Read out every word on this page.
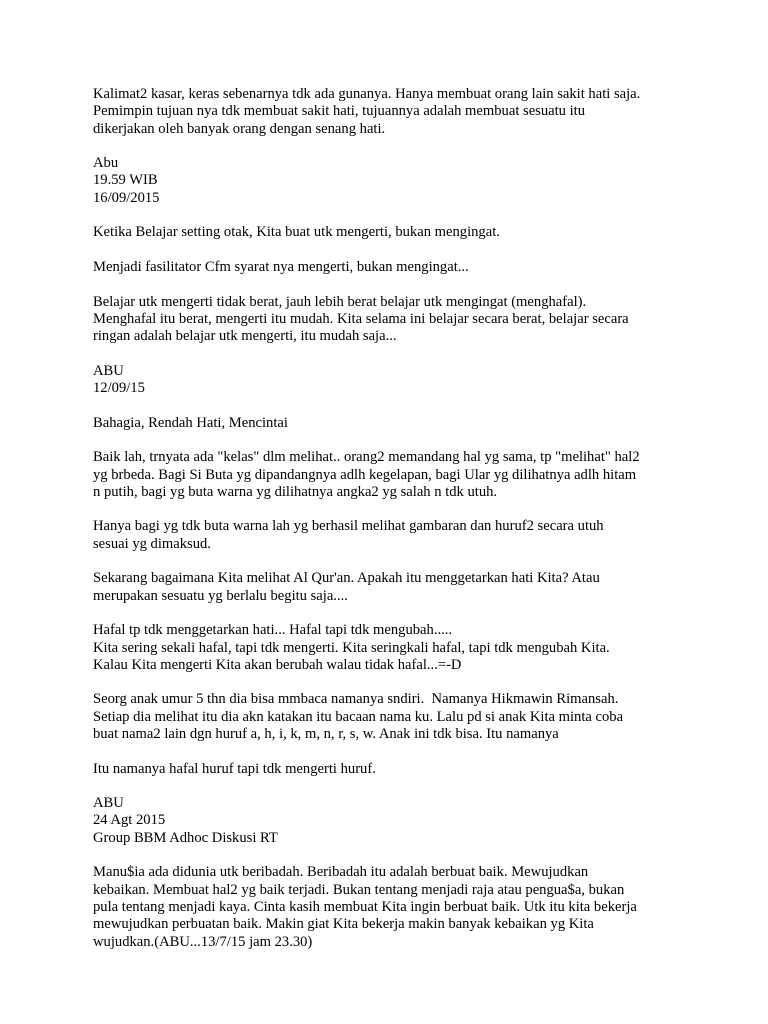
Kalimat2 kasar, keras sebenarnya tdk ada gunanya. Hanya membuat orang lain sakit hati saja.
Pemimpin tujuan nya tdk membuat sakit hati, tujuannya adalah membuat sesuatu itu
dikerjakan oleh banyak orang dengan senang hati.
Abu
19.59 WIB
16/09/2015
Ketika Belajar setting otak, Kita buat utk mengerti, bukan mengingat.
Menjadi fasilitator Cfm syarat nya mengerti, bukan mengingat...
Belajar utk mengerti tidak berat, jauh lebih berat belajar utk mengingat (menghafal).
Menghafal itu berat, mengerti itu mudah. Kita selama ini belajar secara berat, belajar secara
ringan adalah belajar utk mengerti, itu mudah saja...
ABU
12/09/15
Bahagia, Rendah Hati, Mencintai
Baik lah, trnyata ada "kelas" dlm melihat.. orang2 memandang hal yg sama, tp "melihat" hal2
yg brbeda. Bagi Si Buta yg dipandangnya adlh kegelapan, bagi Ular yg dilihatnya adlh hitam
n putih, bagi yg buta warna yg dilihatnya angka2 yg salah n tdk utuh.
Hanya bagi yg tdk buta warna lah yg berhasil melihat gambaran dan huruf2 secara utuh
sesuai yg dimaksud.
Sekarang bagaimana Kita melihat Al Qur'an. Apakah itu menggetarkan hati Kita? Atau
merupakan sesuatu yg berlalu begitu saja....
Hafal tp tdk menggetarkan hati... Hafal tapi tdk mengubah.....
Kita sering sekali hafal, tapi tdk mengerti. Kita seringkali hafal, tapi tdk mengubah Kita.
Kalau Kita mengerti Kita akan berubah walau tidak hafal...=-D
Seorg anak umur 5 thn dia bisa mmbaca namanya sndiri.  Namanya Hikmawin Rimansah.
Setiap dia melihat itu dia akn katakan itu bacaan nama ku. Lalu pd si anak Kita minta coba
buat nama2 lain dgn huruf a, h, i, k, m, n, r, s, w. Anak ini tdk bisa. Itu namanya
Itu namanya hafal huruf tapi tdk mengerti huruf.
ABU
24 Agt 2015
Group BBM Adhoc Diskusi RT
Manu$ia ada didunia utk beribadah. Beribadah itu adalah berbuat baik. Mewujudkan
kebaikan. Membuat hal2 yg baik terjadi. Bukan tentang menjadi raja atau pengua$a, bukan
pula tentang menjadi kaya. Cinta kasih membuat Kita ingin berbuat baik. Utk itu kita bekerja
mewujudkan perbuatan baik. Makin giat Kita bekerja makin banyak kebaikan yg Kita
wujudkan.(ABU...13/7/15 jam 23.30)
